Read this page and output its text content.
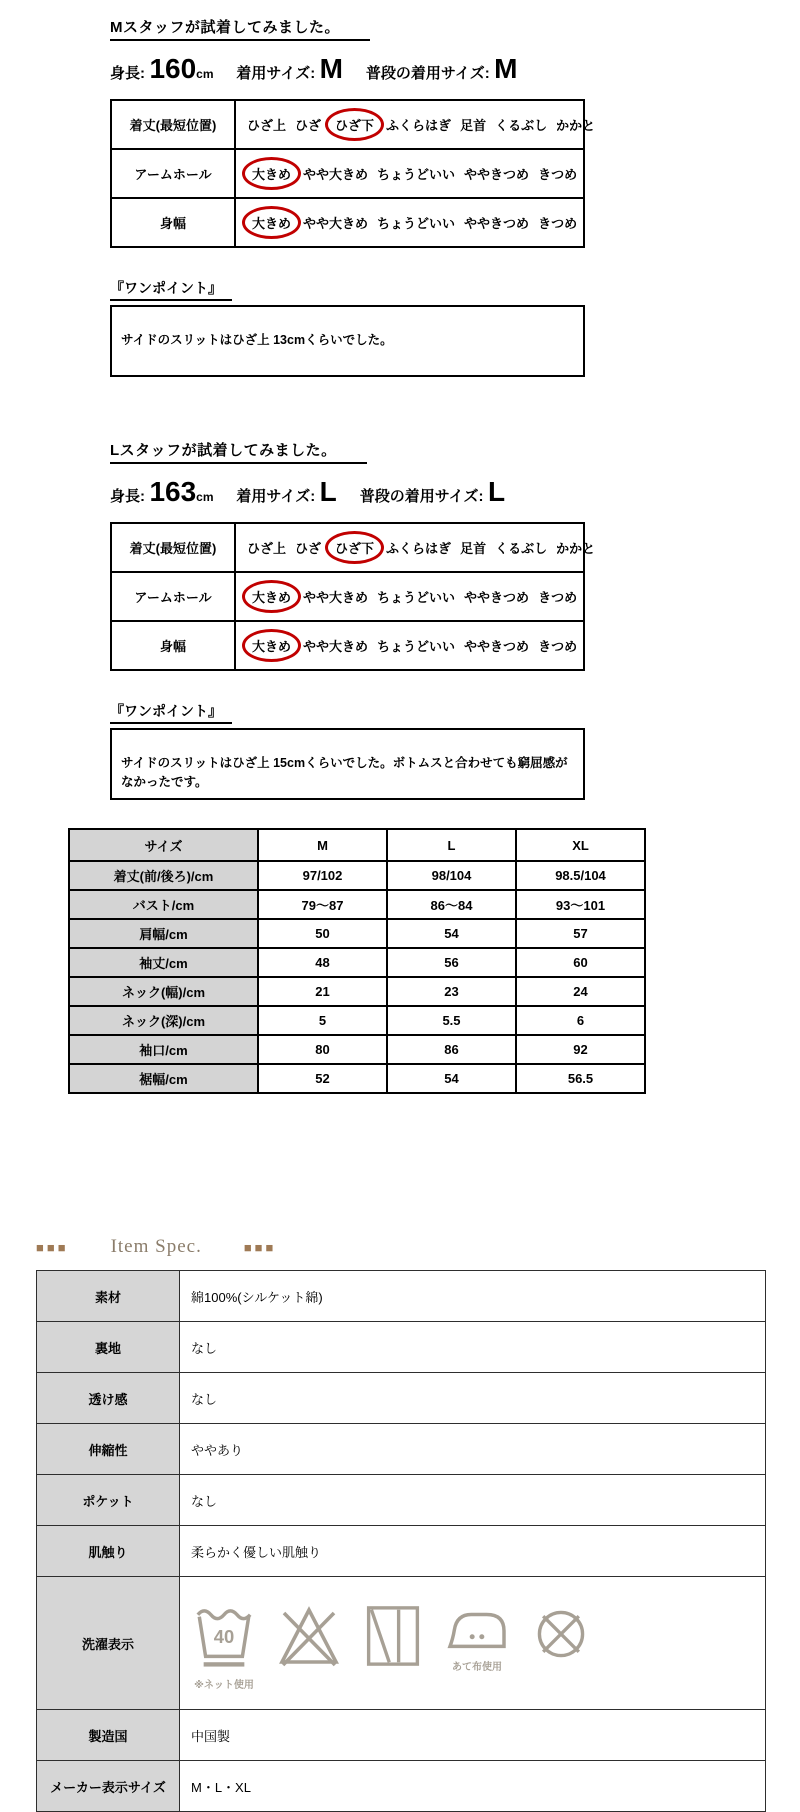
Mスタッフが試着してみました。
身長: 160cm 着用サイズ: M 普段の着用サイズ: M
着丈(最短位置)	ひざ上 ひざ	ひざ下 ふくらはぎ 足首 くるぶし かかと
アームホール	大きめ やや大きめ ちょうどいい ややきつめ きつめ
身幅	大きめ やや大きめ ちょうどいい ややきつめ きつめ
『ワンポイント』
サイドのスリットはひざ上 13cmくらいでした。
Lスタッフが試着してみました。
身長: 163cm 着用サイズ: L 普段の着用サイズ: L
着丈(最短位置)	ひざ上 ひざ	ひざ下 ふくらはぎ 足首 くるぶし かかと
アームホール	大きめ やや大きめ ちょうどいい ややきつめ きつめ
身幅	大きめ やや大きめ ちょうどいい ややきつめ きつめ
『ワンポイント』
サイドのスリットはひざ上 15cmくらいでした。ボトムスと合わせても窮屈感がなかったです。
サイズ	M	L	XL
着丈(前/後ろ)/cm	97/102	98/104	98.5/104
バスト/cm	79〜87	86〜84	93〜101
肩幅/cm	50	54	57
袖丈/cm	48	56	60
ネック(幅)/cm	21	23	24
ネック(深)/cm	5	5.5	6
袖口/cm	80	86	92
裾幅/cm	52	54	56.5
■■■ Item Spec.	■■■
素材	綿100%(シルケット綿)
裏地	なし
透け感	なし
伸縮性	ややあり
ポケット	なし
肌触り	柔らかく優しい肌触り
洗濯表示	40
※ネット使用
あて布使用

製造国	中国製
メーカー表示サイズ	M・L・XL
